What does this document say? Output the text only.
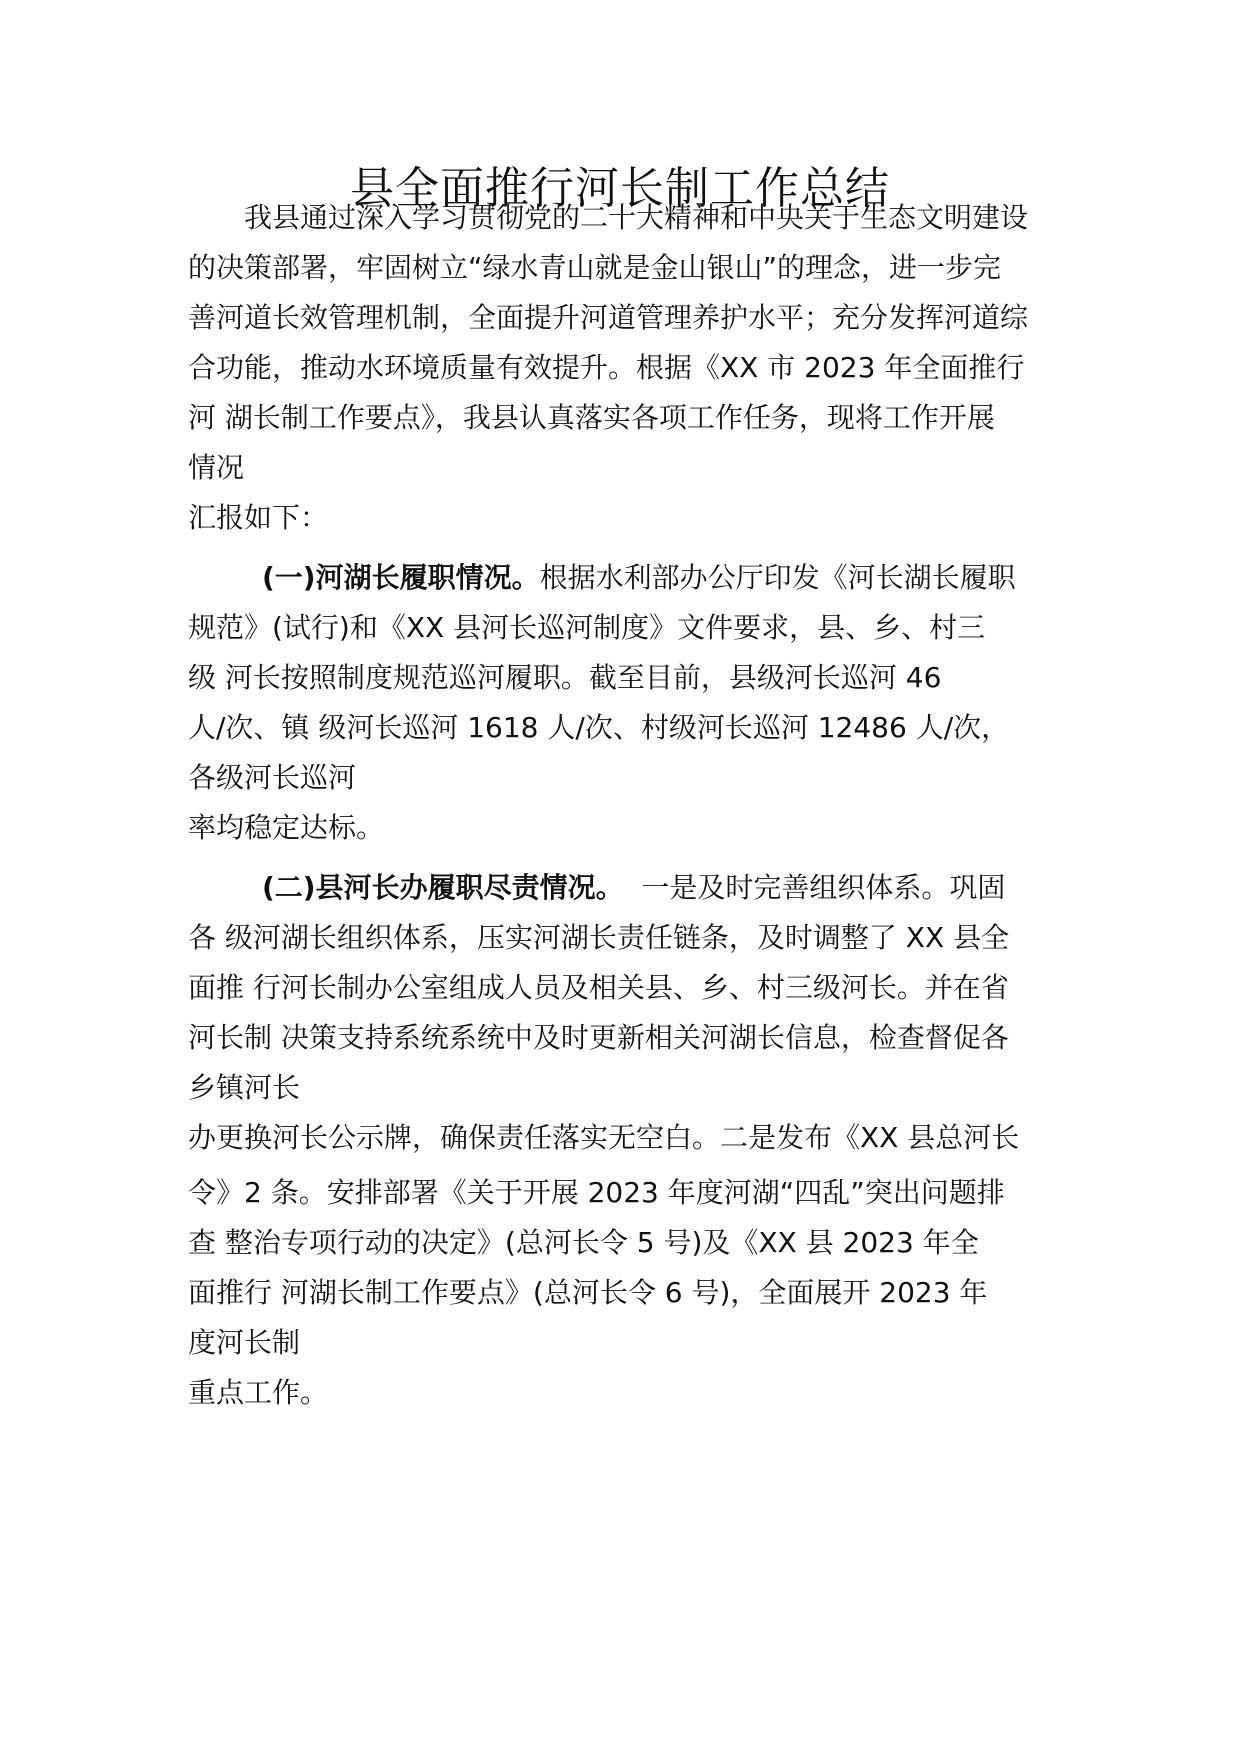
县全面推行河长制工作总结
我县通过深入学习贯彻党的二十大精神和中央关于生态文明建设
的决策部署，牢固树立“绿水青山就是金山银山”的理念，进一步完
善河道长效管理机制，全面提升河道管理养护水平；充分发挥河道综
合功能，推动水环境质量有效提升。根据《XX 市 2023 年全面推行
河 湖长制工作要点》，我县认真落实各项工作任务，现将工作开展
情况
汇报如下：
(一)河湖长履职情况。根据水利部办公厅印发《河长湖长履职
规范》(试行)和《XX 县河长巡河制度》文件要求，县、乡、村三
级 河长按照制度规范巡河履职。截至目前，县级河长巡河 46
人/次、镇 级河长巡河 1618 人/次、村级河长巡河 12486 人/次，
各级河长巡河
率均稳定达标。
(二)县河长办履职尽责情况。  一是及时完善组织体系。巩固
各 级河湖长组织体系，压实河湖长责任链条，及时调整了 XX 县全
面推 行河长制办公室组成人员及相关县、乡、村三级河长。并在省
河长制 决策支持系统系统中及时更新相关河湖长信息，检查督促各
乡镇河长
办更换河长公示牌，确保责任落实无空白。二是发布《XX 县总河长
令》2 条。安排部署《关于开展 2023 年度河湖“四乱”突出问题排
查 整治专项行动的决定》(总河长令 5 号)及《XX 县 2023 年全
面推行 河湖长制工作要点》(总河长令 6 号)，全面展开 2023 年
度河长制
重点工作。
